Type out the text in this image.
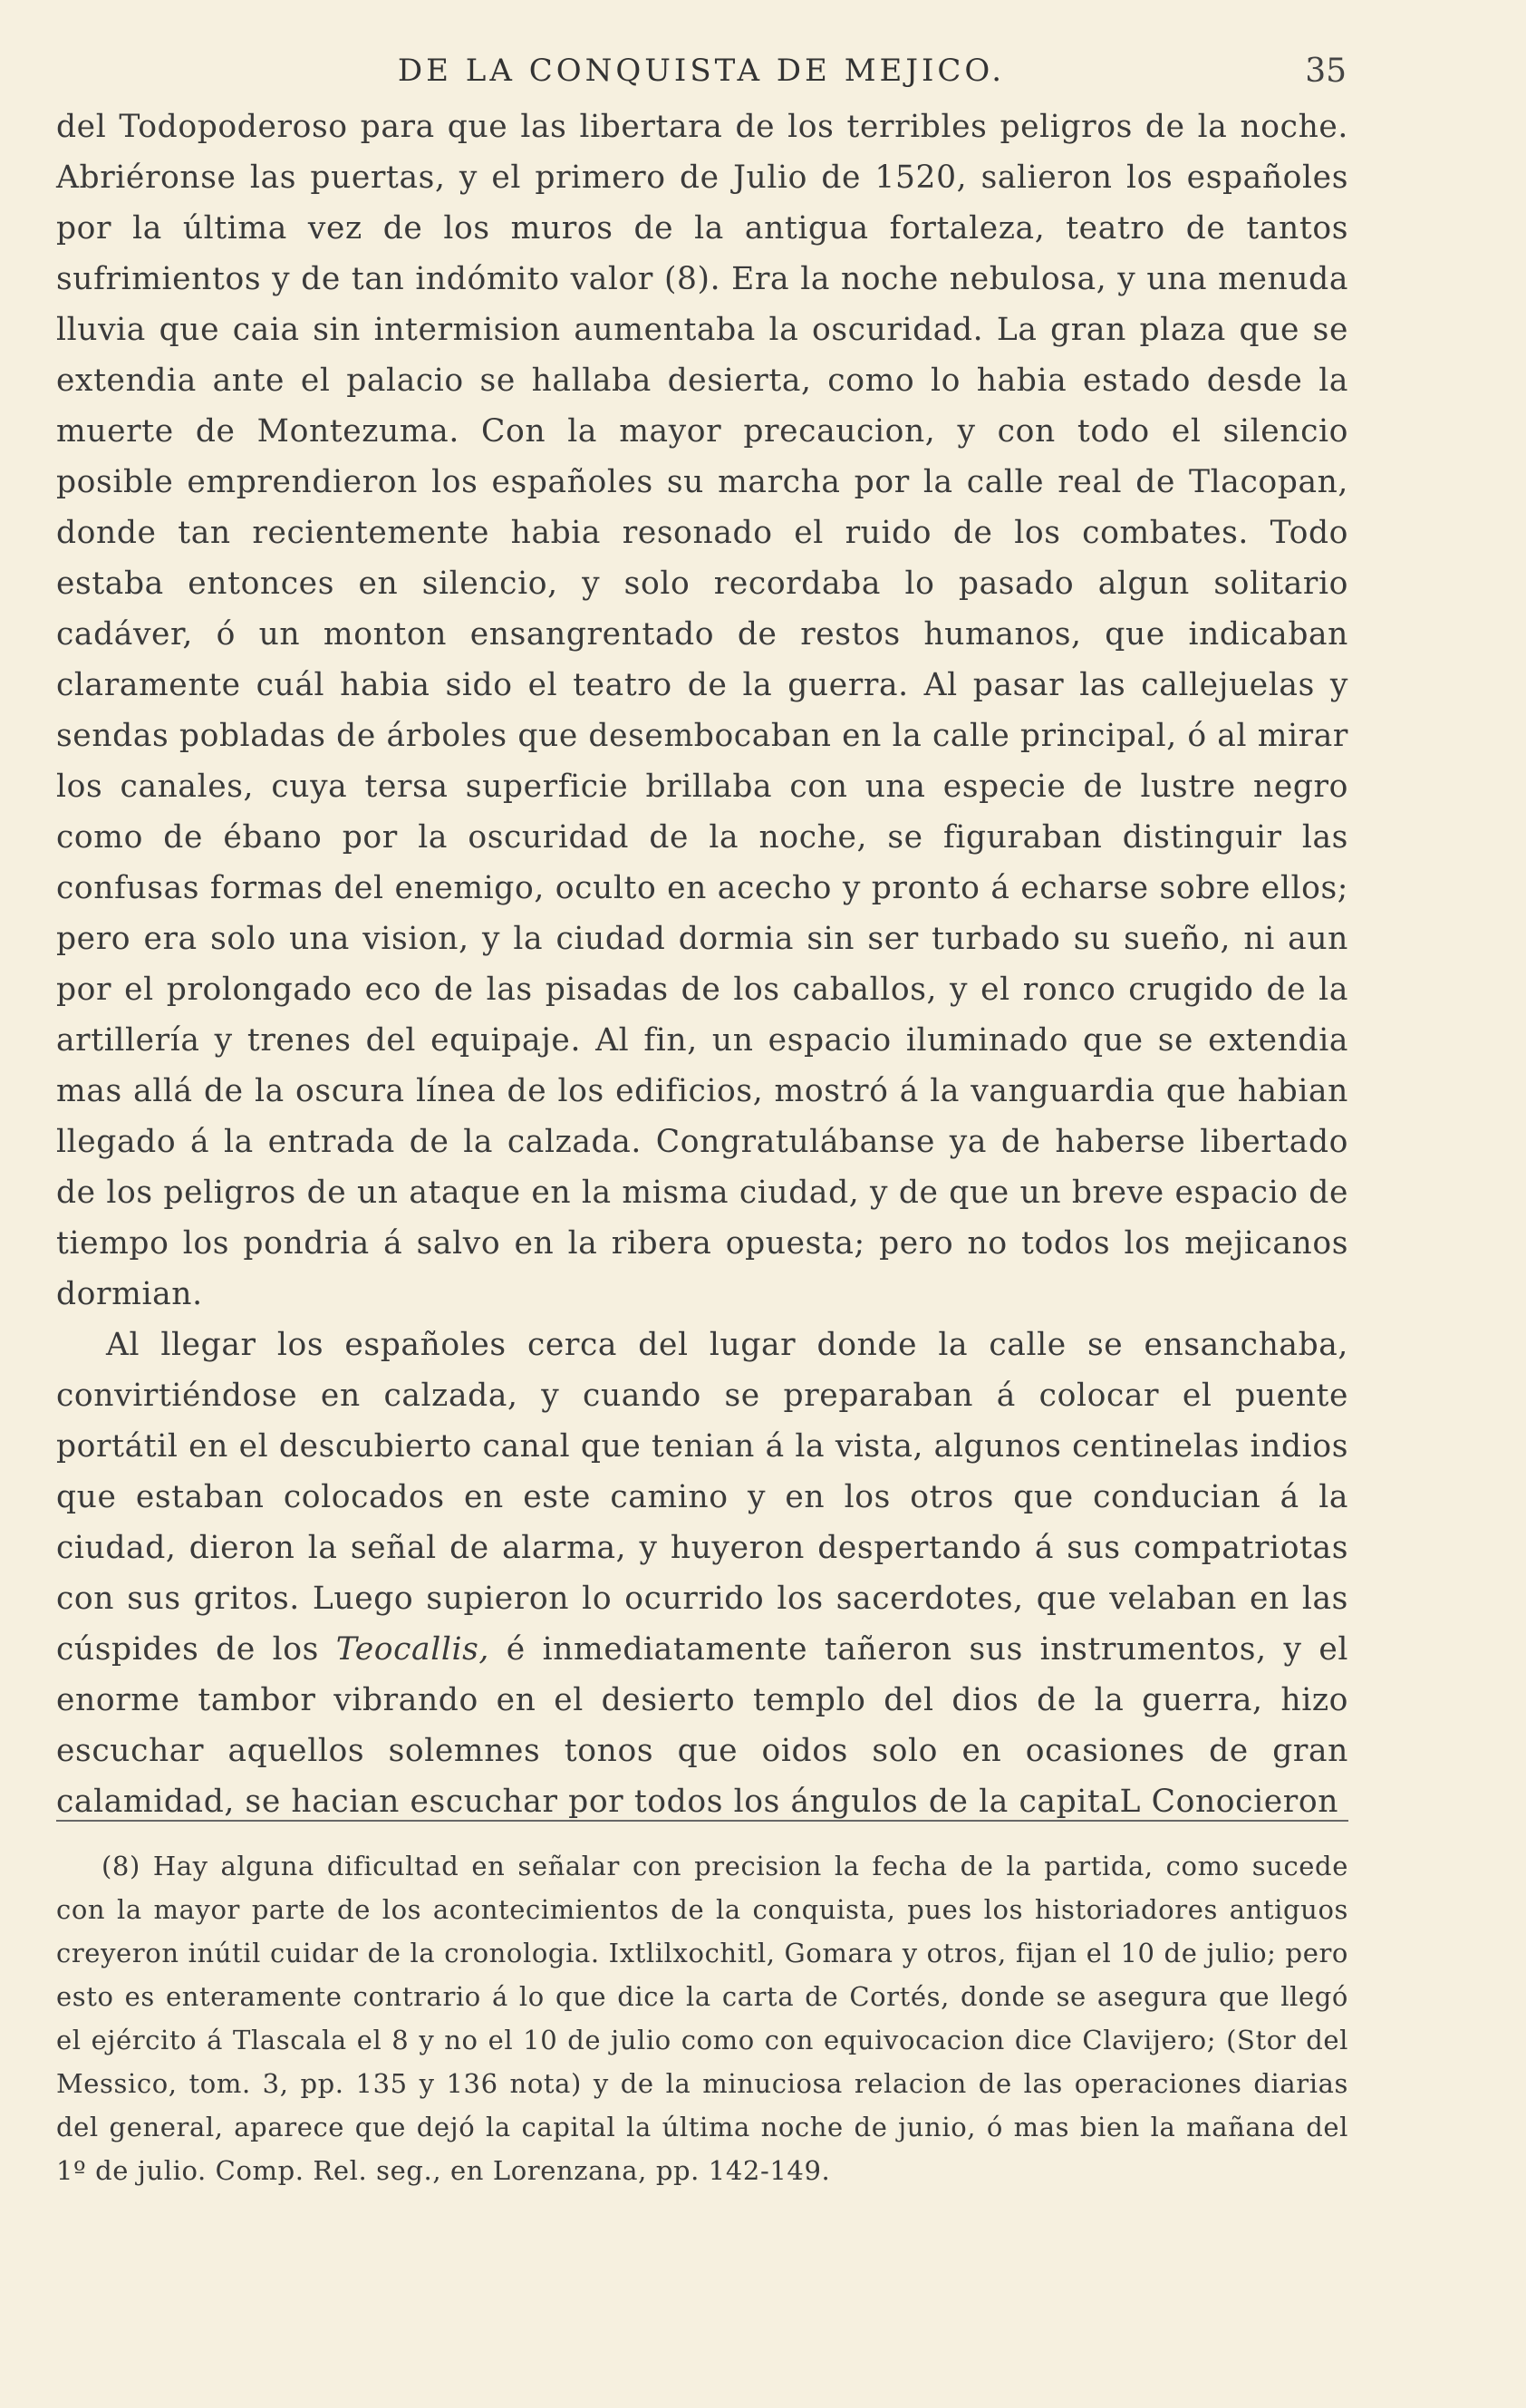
DE LA CONQUISTA DE MEJICO.	35

del Todopoderoso para que las libertara de los terribles peligros de la noche. Abriéronse las puertas, y el primero de Julio de 1520, salieron los españoles por la última vez de los muros de la antigua fortaleza, teatro de tantos sufrimientos y de tan indómito valor (8). Era la noche nebulosa, y una menuda lluvia que caia sin intermision aumentaba la oscuridad. La gran plaza que se extendia ante el palacio se hallaba desierta, como lo habia estado desde la muerte de Montezuma. Con la mayor precaucion, y con todo el silencio posible emprendieron los españoles su marcha por la calle real de Tlacopan, donde tan recientemente habia resonado el ruido de los combates. Todo estaba entonces en silencio, y solo recordaba lo pasado algun solitario cadáver, ó un monton ensangrentado de restos humanos, que indicaban claramente cuál habia sido el teatro de la guerra. Al pasar las callejuelas y sendas pobladas de árboles que desembocaban en la calle principal, ó al mirar los canales, cuya tersa superficie brillaba con una especie de lustre negro como de ébano por la oscuridad de la noche, se figuraban distinguir las confusas formas del enemigo, oculto en acecho y pronto á echarse sobre ellos; pero era solo una vision, y la ciudad dormia sin ser turbado su sueño, ni aun por el prolongado eco de las pisadas de los caballos, y el ronco crugido de la artillería y trenes del equipaje. Al fin, un espacio iluminado que se extendia mas allá de la oscura línea de los edificios, mostró á la vanguardia que habian llegado á la entrada de la calzada. Congratulábanse ya de haberse libertado de los peligros de un ataque en la misma ciudad, y de que un breve espacio de tiempo los pondria á salvo en la ribera opuesta; pero no todos los mejicanos dormian.

Al llegar los españoles cerca del lugar donde la calle se ensanchaba, convirtiéndose en calzada, y cuando se preparaban á colocar el puente portátil en el descubierto canal que tenian á la vista, algunos centinelas indios que estaban colocados en este camino y en los otros que conducian á la ciudad, dieron la señal de alarma, y huyeron despertando á sus compatriotas con sus gritos. Luego supieron lo ocurrido los sacerdotes, que velaban en las cúspides de los Teocallis, é inmediatamente tañeron sus instrumentos, y el enorme tambor vibrando en el desierto templo del dios de la guerra, hizo escuchar aquellos solemnes tonos que oidos solo en ocasiones de gran calamidad, se hacian escuchar por todos los ángulos de la capitaL Conocieron

(8) Hay alguna dificultad en señalar con precision la fecha de la partida, como sucede con la mayor parte de los acontecimientos de la conquista, pues los historiadores antiguos creyeron inútil cuidar de la cronologia. Ixtlilxochitl, Gomara y otros, fijan el 10 de julio; pero esto es enteramente contrario á lo que dice la carta de Cortés, donde se asegura que llegó el ejército á Tlascala el 8 y no el 10 de julio como con equivocacion dice Clavijero; (Stor del Messico, tom. 3, pp. 135 y 136 nota) y de la minuciosa relacion de las operaciones diarias del general, aparece que dejó la capital la última noche de junio, ó mas bien la mañana del 1º de julio. Comp. Rel. seg., en Lorenzana, pp. 142-149.
